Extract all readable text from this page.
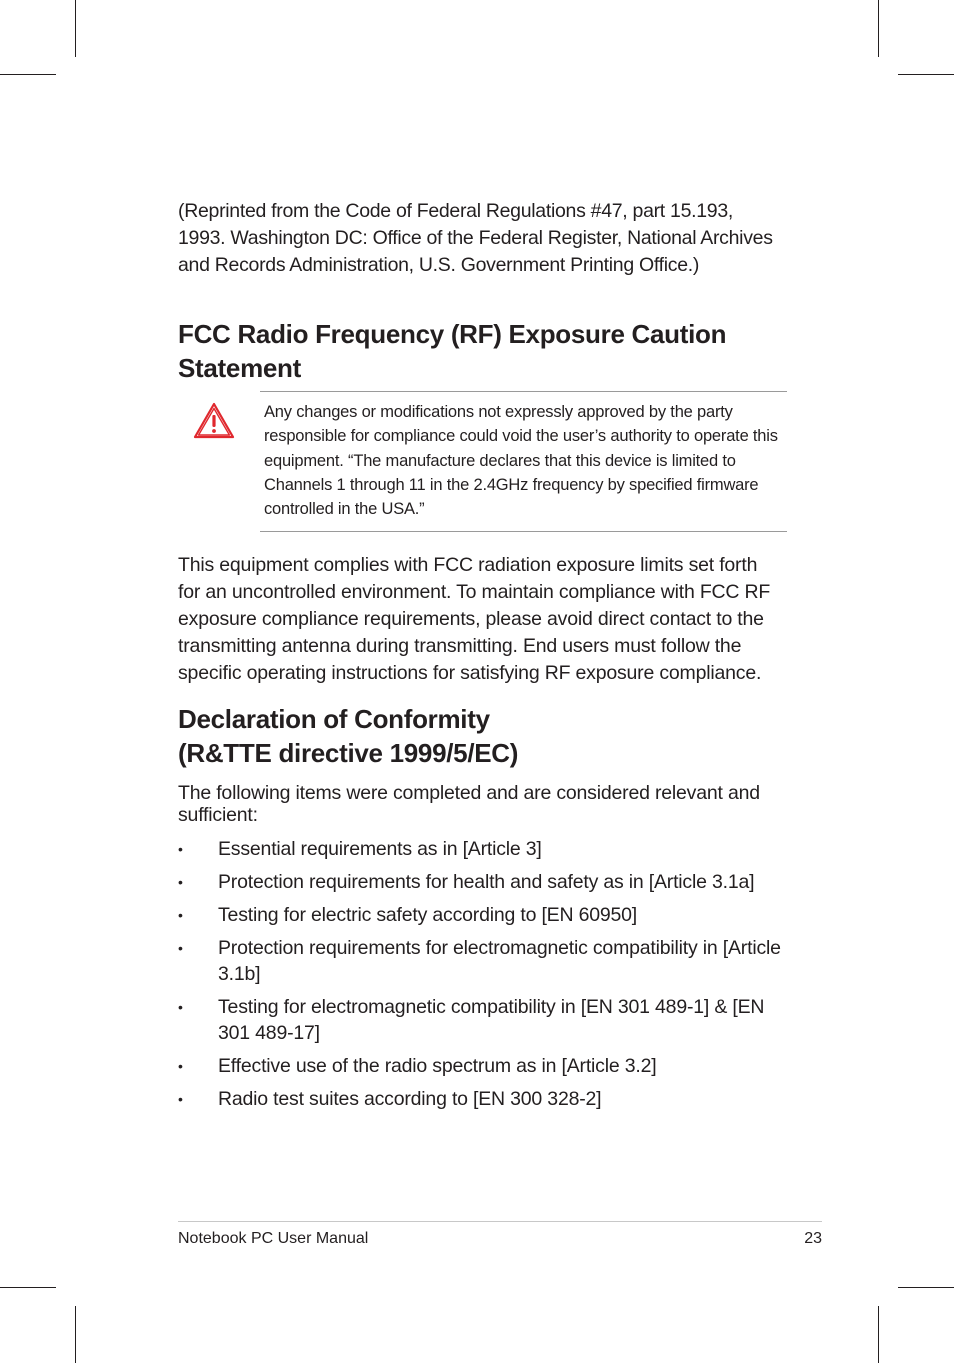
(Reprinted from the Code of Federal Regulations #47, part 15.193, 1993. Washington DC: Office of the Federal Register, National Archives and Records Administration, U.S. Government Printing Office.)

FCC Radio Frequency (RF) Exposure Caution
Statement

Any changes or modifications not expressly approved by the party responsible for compliance could void the user’s authority to operate this equipment. “The manufacture declares that this device is limited to Channels 1 through 11 in the 2.4GHz frequency by specified firmware controlled in the USA.”

This equipment complies with FCC radiation exposure limits set forth for an uncontrolled environment. To maintain compliance with FCC RF exposure compliance requirements, please avoid direct contact to the transmitting antenna during transmitting. End users must follow the specific operating instructions for satisfying RF exposure compliance.

Declaration of Conformity
(R&TTE directive 1999/5/EC)

The following items were completed and are considered relevant and sufficient:

• Essential requirements as in [Article 3]
• Protection requirements for health and safety as in [Article 3.1a]
• Testing for electric safety according to [EN 60950]
• Protection requirements for electromagnetic compatibility in [Article 3.1b]
• Testing for electromagnetic compatibility in [EN 301 489-1] & [EN 301 489-17]
• Effective use of the radio spectrum as in [Article 3.2]
• Radio test suites according to [EN 300 328-2]
Notebook PC User Manual	23
